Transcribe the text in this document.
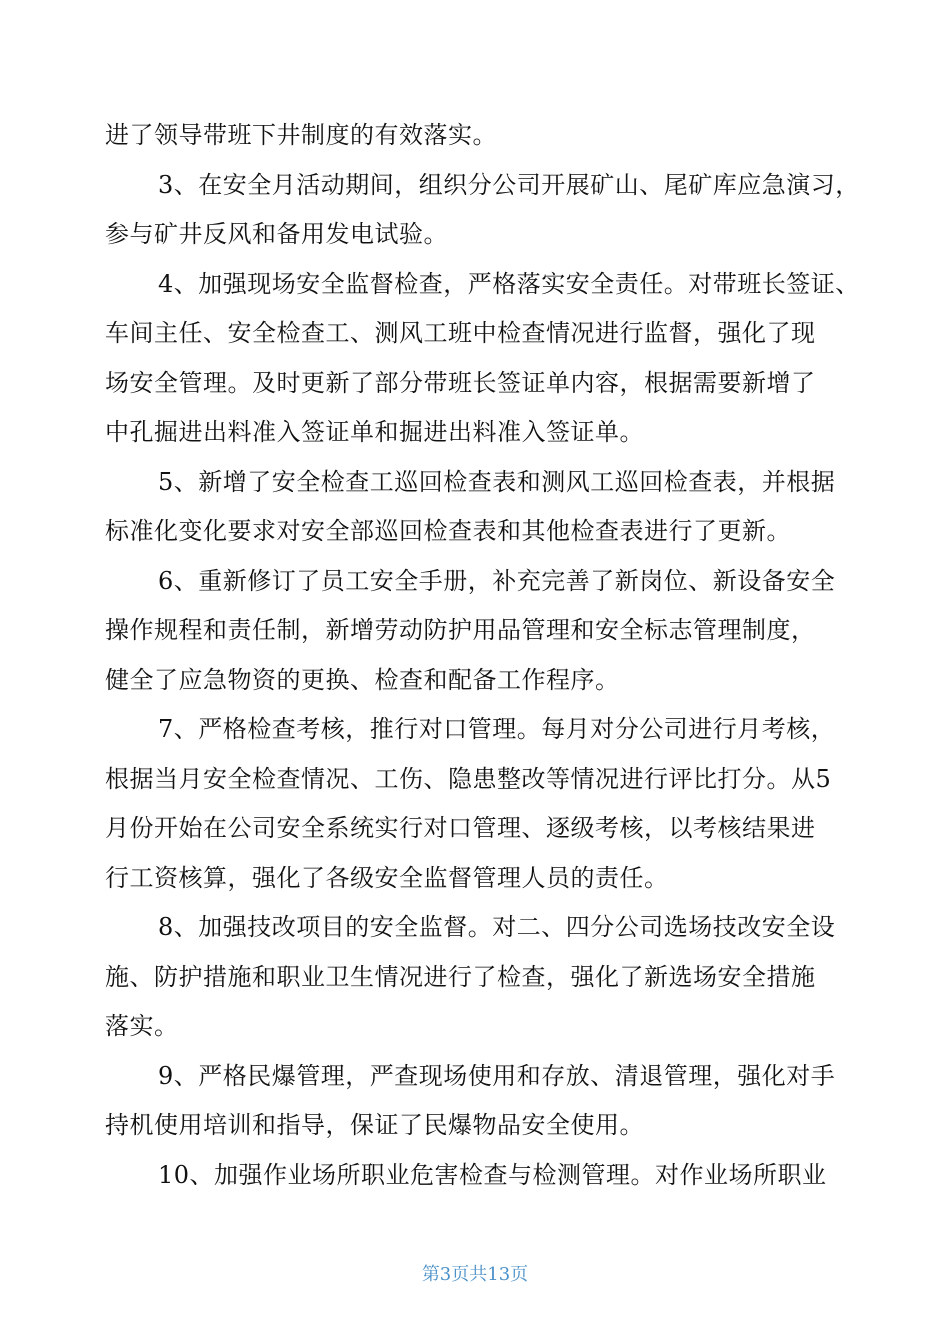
进了领导带班下井制度的有效落实。
3、在安全月活动期间，组织分公司开展矿山、尾矿库应急演习，
参与矿井反风和备用发电试验。
4、加强现场安全监督检查，严格落实安全责任。对带班长签证、
车间主任、安全检查工、测风工班中检查情况进行监督，强化了现
场安全管理。及时更新了部分带班长签证单内容，根据需要新增了
中孔掘进出料准入签证单和掘进出料准入签证单。
5、新增了安全检查工巡回检查表和测风工巡回检查表，并根据
标准化变化要求对安全部巡回检查表和其他检查表进行了更新。
6、重新修订了员工安全手册，补充完善了新岗位、新设备安全
操作规程和责任制，新增劳动防护用品管理和安全标志管理制度，
健全了应急物资的更换、检查和配备工作程序。
7、严格检查考核，推行对口管理。每月对分公司进行月考核，
根据当月安全检查情况、工伤、隐患整改等情况进行评比打分。从5
月份开始在公司安全系统实行对口管理、逐级考核，以考核结果进
行工资核算，强化了各级安全监督管理人员的责任。
8、加强技改项目的安全监督。对二、四分公司选场技改安全设
施、防护措施和职业卫生情况进行了检查，强化了新选场安全措施
落实。
9、严格民爆管理，严查现场使用和存放、清退管理，强化对手
持机使用培训和指导，保证了民爆物品安全使用。
10、加强作业场所职业危害检查与检测管理。对作业场所职业
第3页共13页
